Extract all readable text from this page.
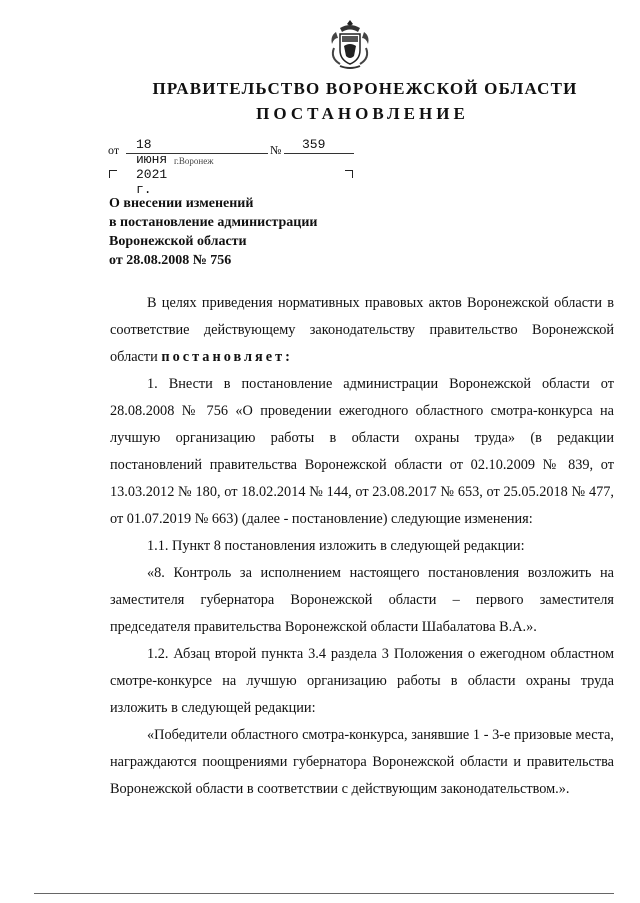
ПРАВИТЕЛЬСТВО ВОРОНЕЖСКОЙ ОБЛАСТИ
ПОСТАНОВЛЕНИЕ
от 18 июня 2021 г.
№ 359
г.Воронеж
О внесении изменений
в постановление администрации
Воронежской области
от 28.08.2008 № 756

В целях приведения нормативных правовых актов Воронежской области в соответствие действующему законодательству правительство Воронежской области постановляет:

1. Внести в постановление администрации Воронежской области от 28.08.2008 № 756 «О проведении ежегодного областного смотра-конкурса на лучшую организацию работы в области охраны труда» (в редакции постановлений правительства Воронежской области от 02.10.2009 № 839, от 13.03.2012 № 180, от 18.02.2014 № 144, от 23.08.2017 № 653, от 25.05.2018 № 477, от 01.07.2019 № 663) (далее - постановление) следующие изменения:

1.1. Пункт 8 постановления изложить в следующей редакции:

«8. Контроль за исполнением настоящего постановления возложить на заместителя губернатора Воронежской области – первого заместителя председателя правительства Воронежской области Шабалатова В.А.».

1.2. Абзац второй пункта 3.4 раздела 3 Положения о ежегодном областном смотре-конкурсе на лучшую организацию работы в области охраны труда изложить в следующей редакции:

«Победители областного смотра-конкурса, занявшие 1 - 3-е призовые места, награждаются поощрениями губернатора Воронежской области и правительства Воронежской области в соответствии с действующим законодательством.».
